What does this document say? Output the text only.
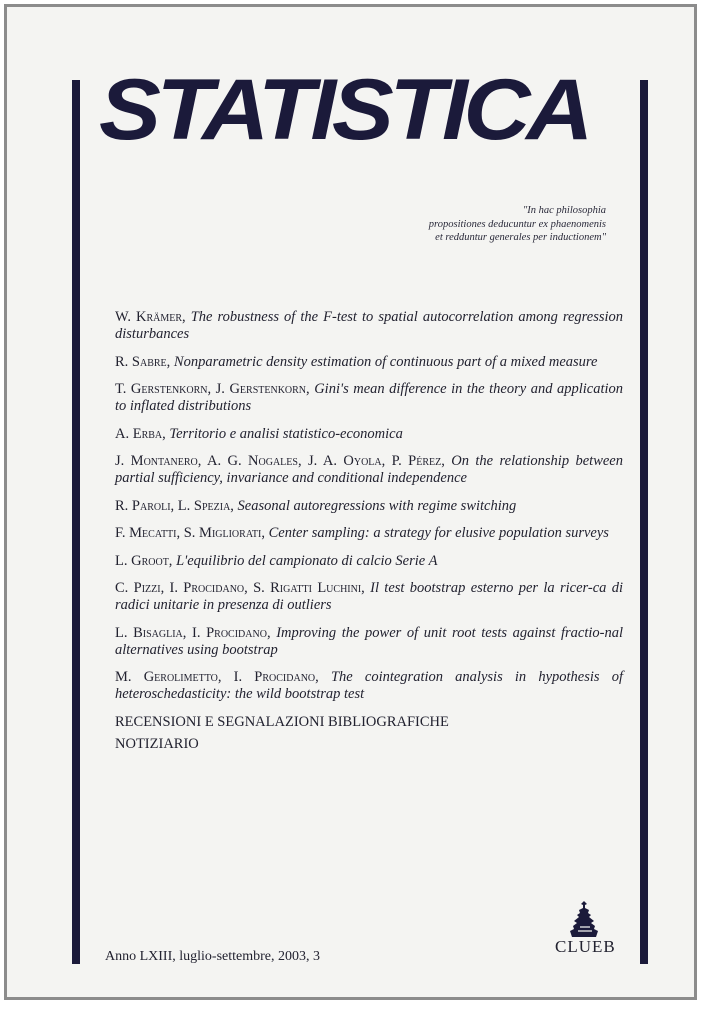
STATISTICA
"In hac philosophia
propositiones deducuntur ex phaenomenis
et redduntur generales per inductionem"

W. Krämer, The robustness of the F-test to spatial autocorrelation among regression disturbances

R. Sabre, Nonparametric density estimation of continuous part of a mixed measure

T. Gerstenkorn, J. Gerstenkorn, Gini's mean difference in the theory and application to inflated distributions

A. Erba, Territorio e analisi statistico-economica

J. Montanero, A. G. Nogales, J. A. Oyola, P. Pérez, On the relationship between partial sufficiency, invariance and conditional independence

R. Paroli, L. Spezia, Seasonal autoregressions with regime switching

F. Mecatti, S. Migliorati, Center sampling: a strategy for elusive population surveys

L. Groot, L'equilibrio del campionato di calcio Serie A

C. Pizzi, I. Procidano, S. Rigatti Luchini, Il test bootstrap esterno per la ricer-ca di radici unitarie in presenza di outliers

L. Bisaglia, I. Procidano, Improving the power of unit root tests against fractio-nal alternatives using bootstrap

M. Gerolimetto, I. Procidano, The cointegration analysis in hypothesis of heteroschedasticity: the wild bootstrap test

RECENSIONI E SEGNALAZIONI BIBLIOGRAFICHE

NOTIZIARIO

Anno LXIII, luglio-settembre, 2003, 3
CLUEB
